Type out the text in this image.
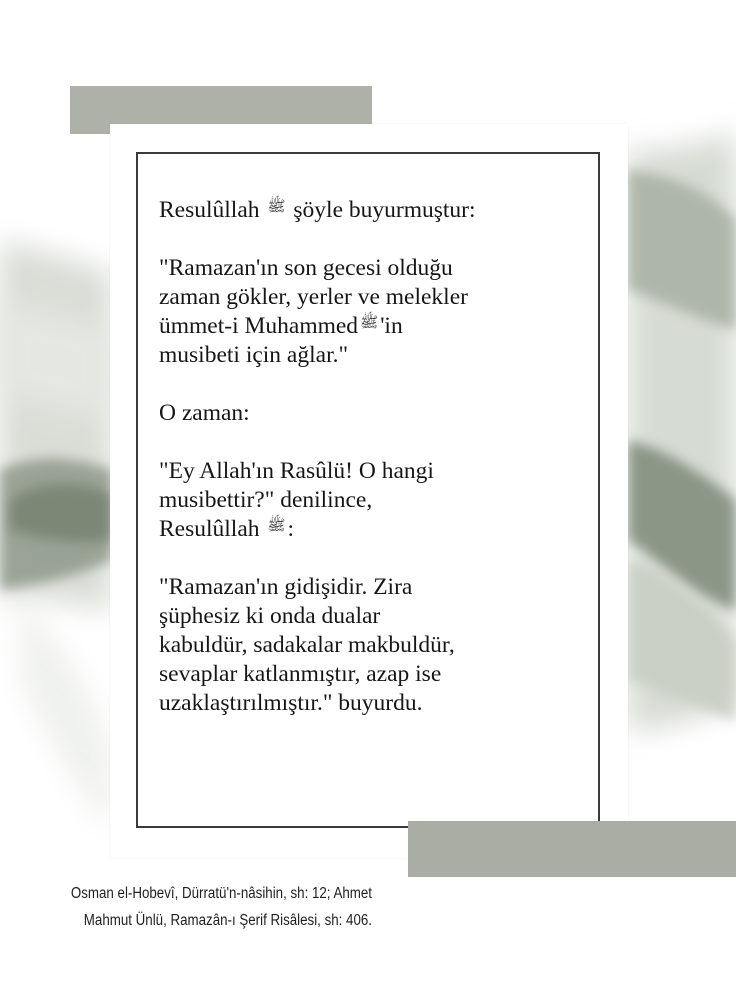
Resulûllah ﷺ şöyle buyurmuştur:

"Ramazan'ın son gecesi olduğu
zaman gökler, yerler ve melekler
ümmet-i Muhammed ﷺ'in
musibeti için ağlar."

O zaman:

"Ey Allah'ın Rasûlü! O hangi
musibettir?" denilince,
Resulûllah ﷺ:

"Ramazan'ın gidişidir. Zira
şüphesiz ki onda dualar
kabuldür, sadakalar makbuldür,
sevaplar katlanmıştır, azap ise
uzaklaştırılmıştır." buyurdu.

Osman el-Hobevî, Dürratü'n-nâsihin, sh: 12; Ahmet
Mahmut Ünlü, Ramazân-ı Şerif Risâlesi, sh: 406.
